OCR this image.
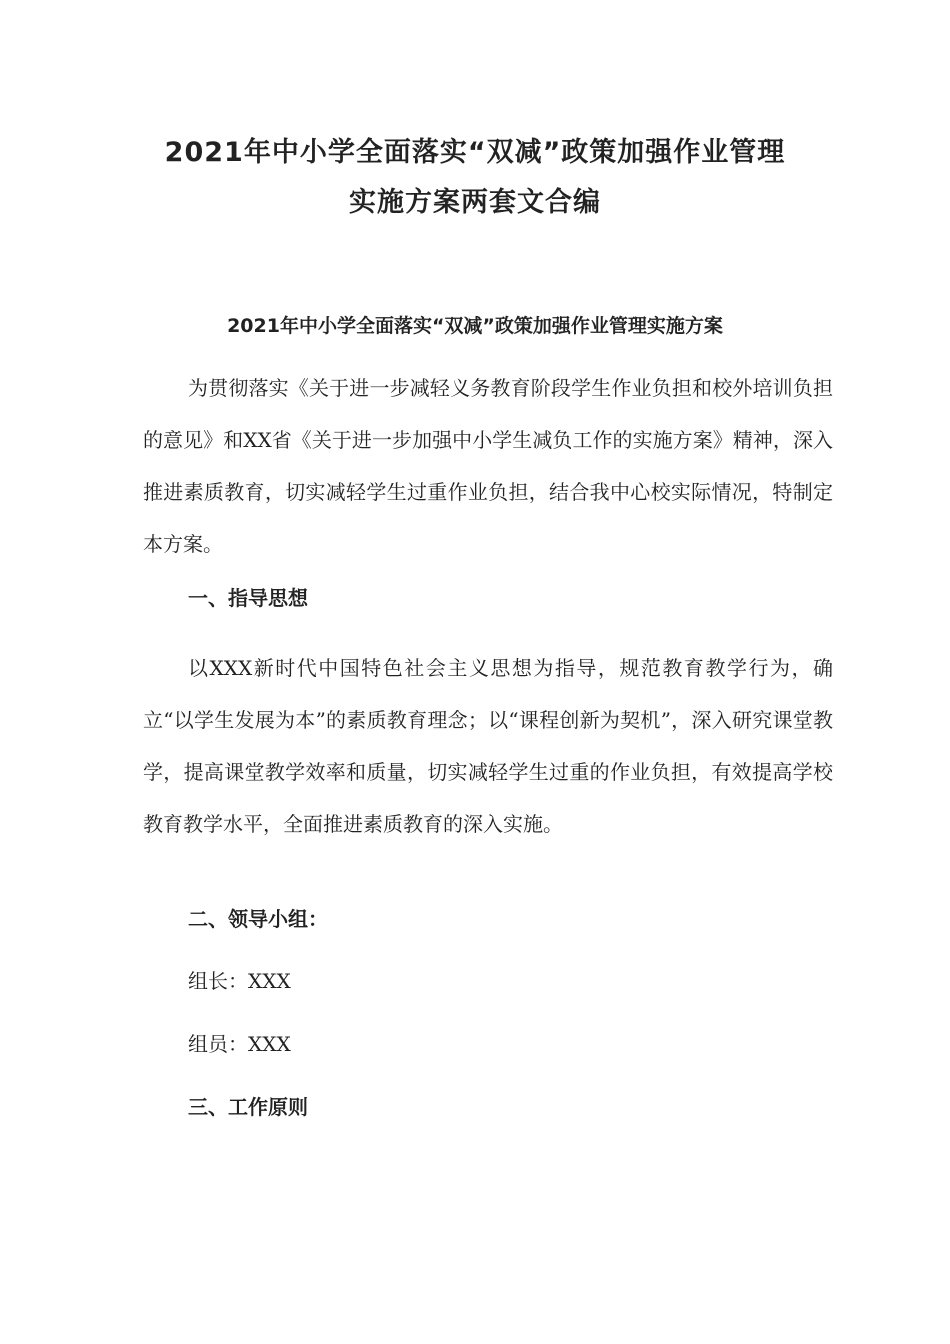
2021年中小学全面落实“双减”政策加强作业管理
实施方案两套文合编
2021年中小学全面落实“双减”政策加强作业管理实施方案

为贯彻落实《关于进一步减轻义务教育阶段学生作业负担和校外培训负担的意见》和XX省《关于进一步加强中小学生减负工作的实施方案》精神，深入推进素质教育，切实减轻学生过重作业负担，结合我中心校实际情况，特制定本方案。

一、指导思想

以XXX新时代中国特色社会主义思想为指导，规范教育教学行为，确立“以学生发展为本”的素质教育理念；以“课程创新为契机”，深入研究课堂教学，提高课堂教学效率和质量，切实减轻学生过重的作业负担，有效提高学校教育教学水平，全面推进素质教育的深入实施。

二、领导小组：

组长：XXX

组员：XXX

三、工作原则
